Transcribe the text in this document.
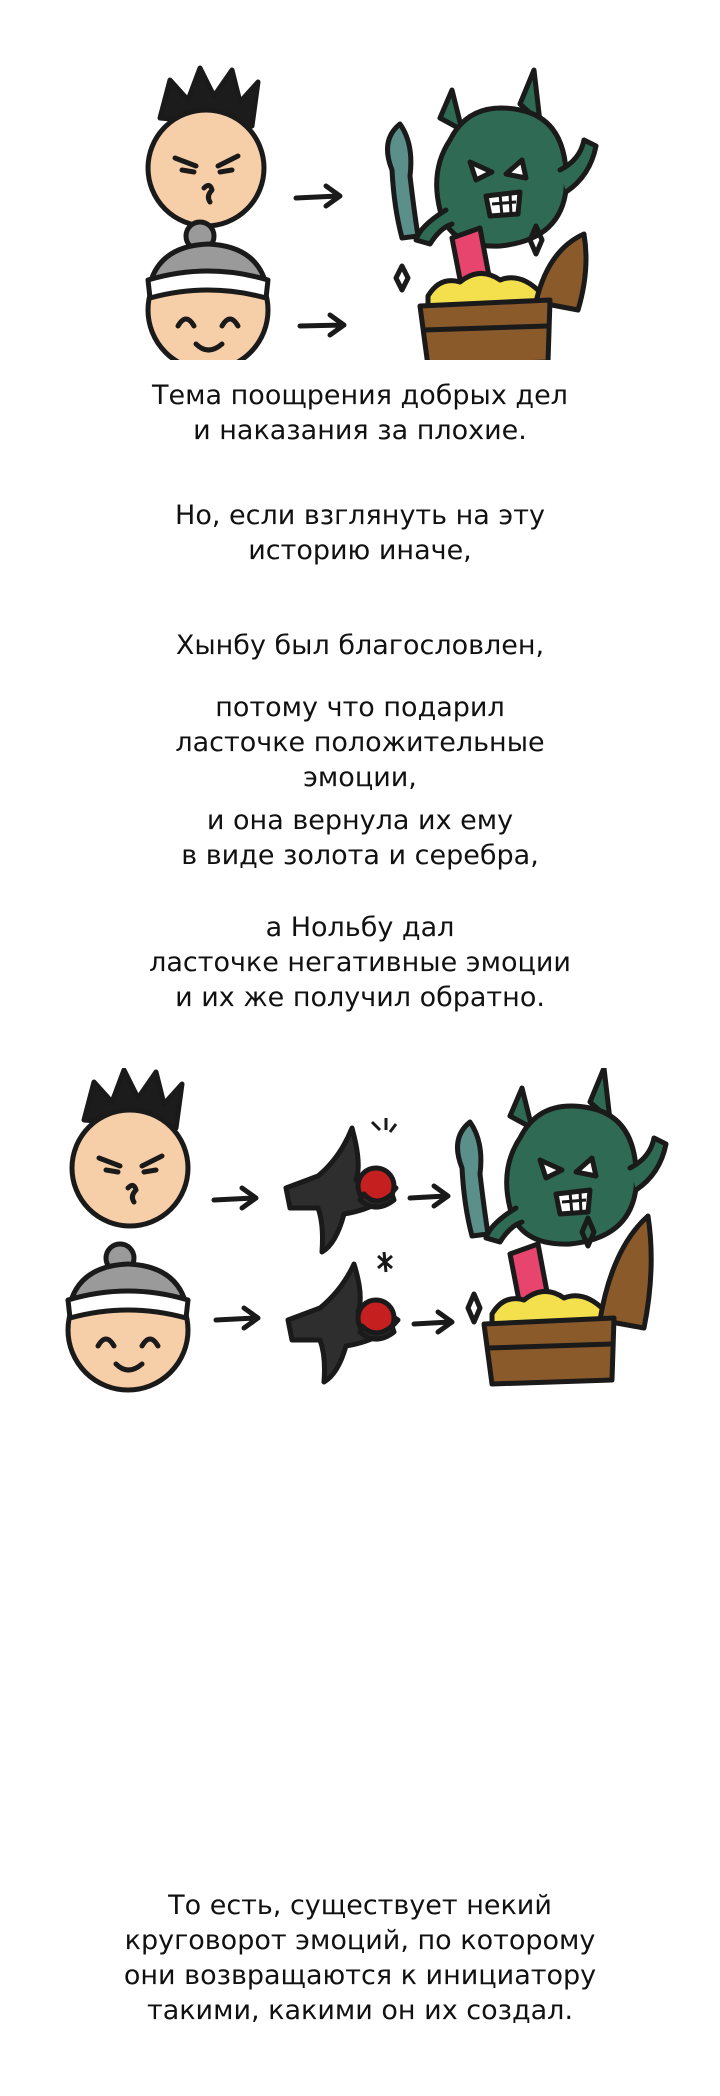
Тема поощрения добрых дел
и наказания за плохие.
Но, если взглянуть на эту
историю иначе,
Хынбу был благословлен,
потому что подарил
ласточке положительные
эмоции,
и она вернула их ему
в виде золота и серебра,
а Нольбу дал
ласточке негативные эмоции
и их же получил обратно.
То есть, существует некий
круговорот эмоций, по которому
они возвращаются к инициатору
такими, какими он их создал.
